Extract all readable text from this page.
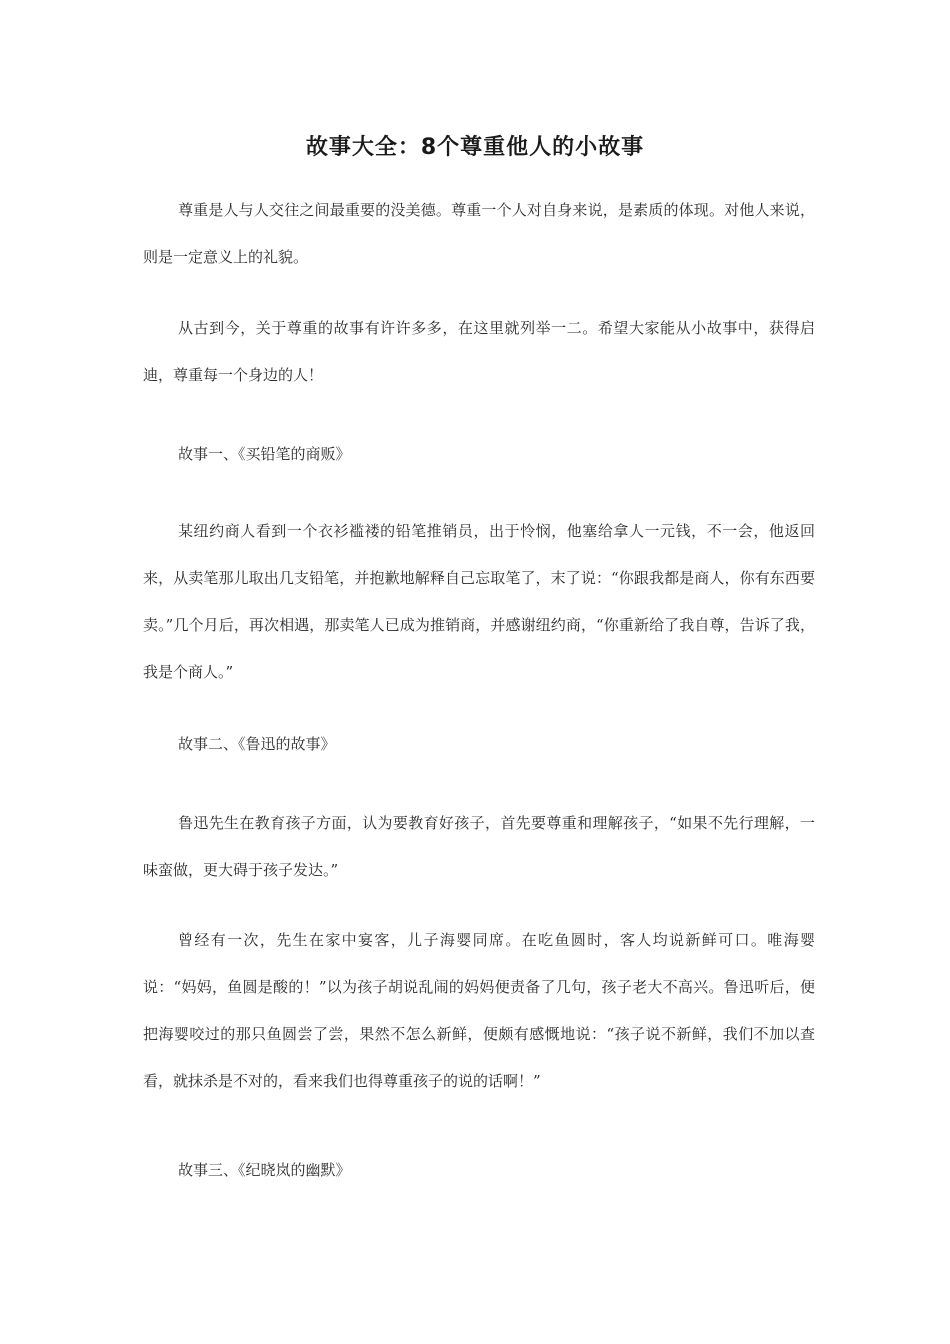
故事大全：8个尊重他人的小故事

尊重是人与人交往之间最重要的没美德。尊重一个人对自身来说，是素质的体现。对他人来说，则是一定意义上的礼貌。

从古到今，关于尊重的故事有许许多多，在这里就列举一二。希望大家能从小故事中，获得启迪，尊重每一个身边的人！

故事一、《买铅笔的商贩》

某纽约商人看到一个衣衫褴褛的铅笔推销员，出于怜悯，他塞给拿人一元钱，不一会，他返回来，从卖笔那儿取出几支铅笔，并抱歉地解释自己忘取笔了，末了说：“你跟我都是商人，你有东西要卖。”几个月后，再次相遇，那卖笔人已成为推销商，并感谢纽约商，“你重新给了我自尊，告诉了我，我是个商人。”

故事二、《鲁迅的故事》

鲁迅先生在教育孩子方面，认为要教育好孩子，首先要尊重和理解孩子，“如果不先行理解，一味蛮做，更大碍于孩子发达。”

曾经有一次，先生在家中宴客，儿子海婴同席。在吃鱼圆时，客人均说新鲜可口。唯海婴说：“妈妈，鱼圆是酸的！”以为孩子胡说乱闹的妈妈便责备了几句，孩子老大不高兴。鲁迅听后，便把海婴咬过的那只鱼圆尝了尝，果然不怎么新鲜，便颇有感慨地说：“孩子说不新鲜，我们不加以查看，就抹杀是不对的，看来我们也得尊重孩子的说的话啊！”

故事三、《纪晓岚的幽默》
